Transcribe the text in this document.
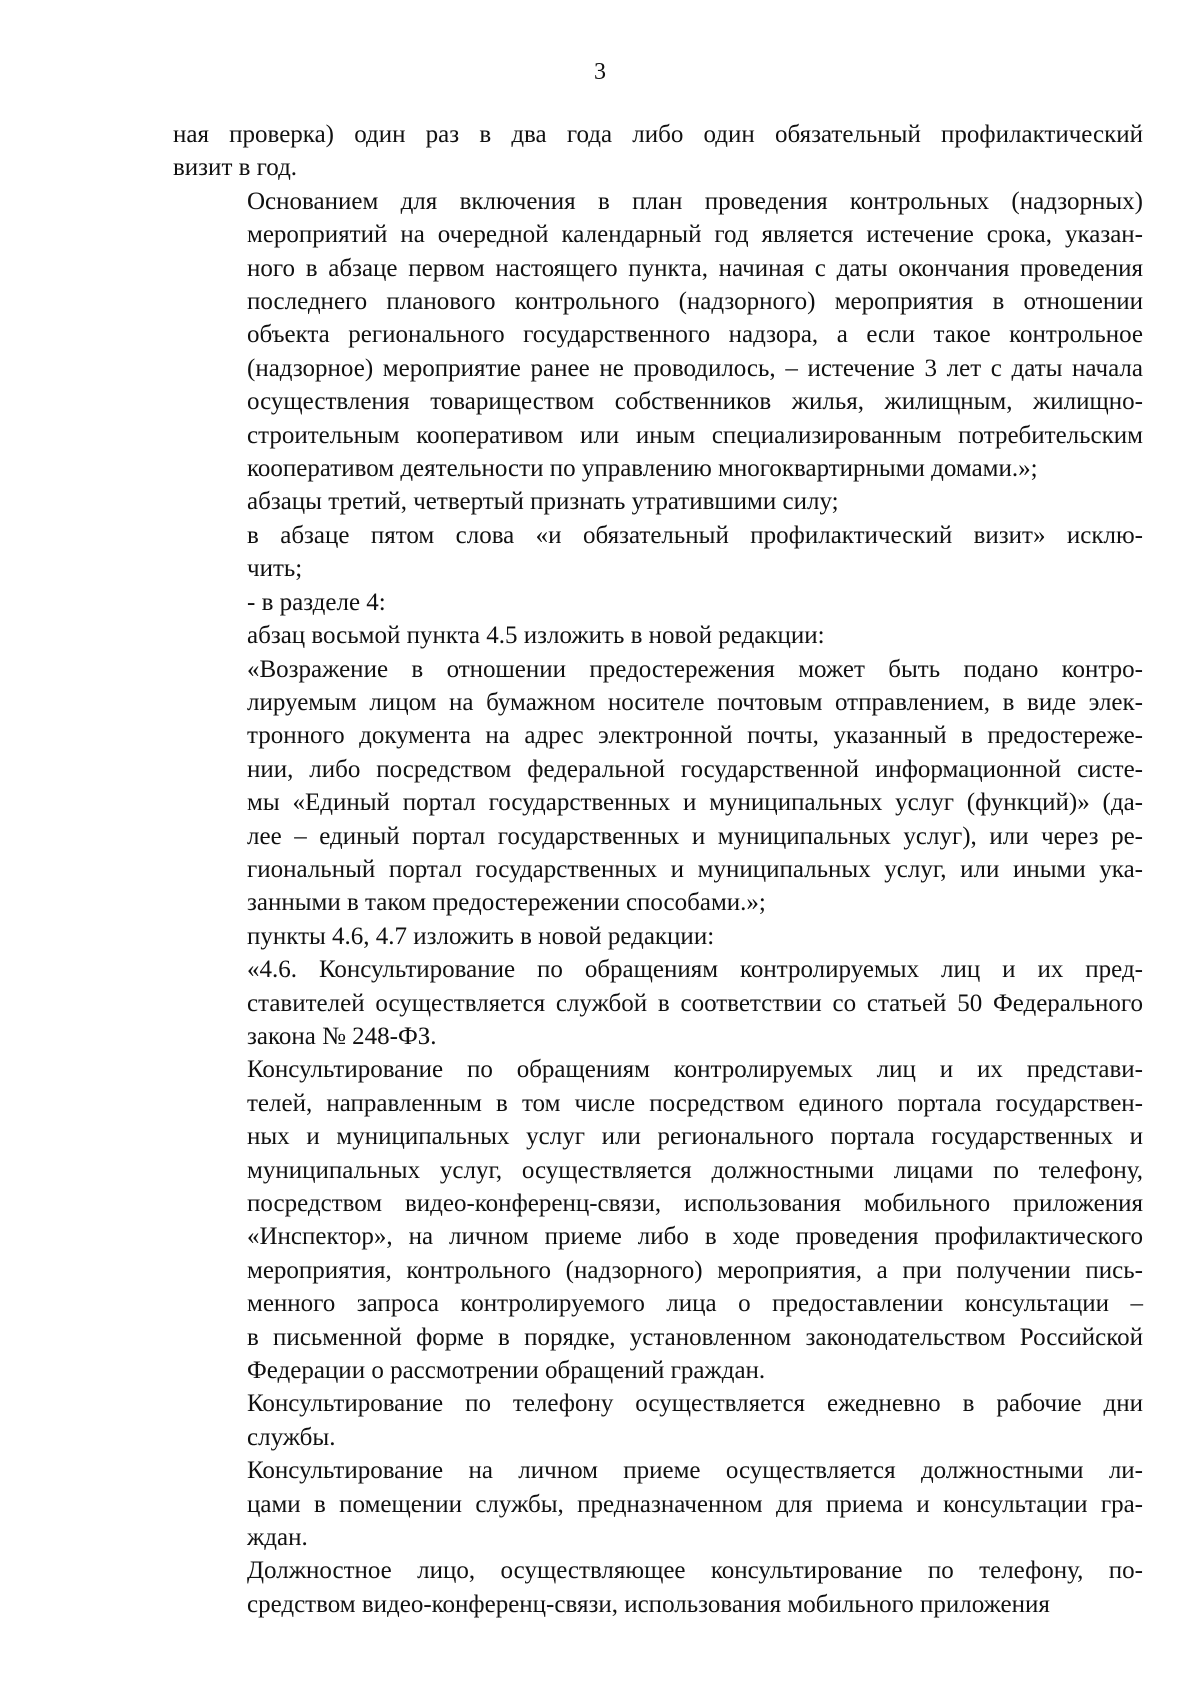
3

ная проверка) один раз в два года либо один обязательный профилактический
визит в год.

Основанием для включения в план проведения контрольных (надзорных)
мероприятий на очередной календарный год является истечение срока, указан-
ного в абзаце первом настоящего пункта, начиная с даты окончания проведения
последнего планового контрольного (надзорного) мероприятия в отношении
объекта регионального государственного надзора, а если такое контрольное
(надзорное) мероприятие ранее не проводилось, – истечение 3 лет с даты начала
осуществления товариществом собственников жилья, жилищным, жилищно-
строительным кооперативом или иным специализированным потребительским
кооперативом деятельности по управлению многоквартирными домами.»;

абзацы третий, четвертый признать утратившими силу;

в абзаце пятом слова «и обязательный профилактический визит» исклю-
чить;

- в разделе 4:

абзац восьмой пункта 4.5 изложить в новой редакции:

«Возражение в отношении предостережения может быть подано контро-
лируемым лицом на бумажном носителе почтовым отправлением, в виде элек-
тронного документа на адрес электронной почты, указанный в предостереже-
нии, либо посредством федеральной государственной информационной систе-
мы «Единый портал государственных и муниципальных услуг (функций)» (да-
лее – единый портал государственных и муниципальных услуг), или через ре-
гиональный портал государственных и муниципальных услуг, или иными ука-
занными в таком предостережении способами.»;

пункты 4.6, 4.7 изложить в новой редакции:

«4.6. Консультирование по обращениям контролируемых лиц и их пред-
ставителей осуществляется службой в соответствии со статьей 50 Федерального
закона № 248-ФЗ.

Консультирование по обращениям контролируемых лиц и их представи-
телей, направленным в том числе посредством единого портала государствен-
ных и муниципальных услуг или регионального портала государственных и
муниципальных услуг, осуществляется должностными лицами по телефону,
посредством видео-конференц-связи, использования мобильного приложения
«Инспектор», на личном приеме либо в ходе проведения профилактического
мероприятия, контрольного (надзорного) мероприятия, а при получении пись-
менного запроса контролируемого лица о предоставлении консультации –
в письменной форме в порядке, установленном законодательством Российской
Федерации о рассмотрении обращений граждан.

Консультирование по телефону осуществляется ежедневно в рабочие дни
службы.

Консультирование на личном приеме осуществляется должностными ли-
цами в помещении службы, предназначенном для приема и консультации гра-
ждан.

Должностное лицо, осуществляющее консультирование по телефону, по-
средством видео-конференц-связи, использования мобильного приложения
